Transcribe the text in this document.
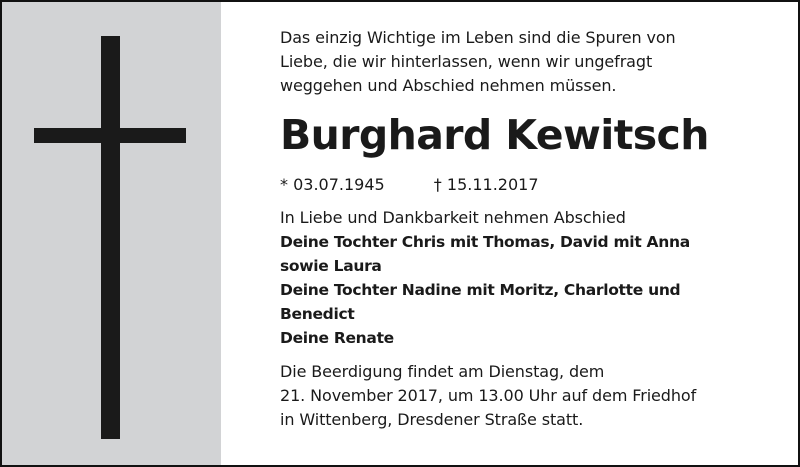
Das einzig Wichtige im Leben sind die Spuren von
Liebe, die wir hinterlassen, wenn wir ungefragt
weggehen und Abschied nehmen müssen.

Burghard Kewitsch

* 03.07.1945	† 15.11.2017

In Liebe und Dankbarkeit nehmen Abschied
Deine Tochter Chris mit Thomas, David mit Anna
sowie Laura
Deine Tochter Nadine mit Moritz, Charlotte und
Benedict
Deine Renate

Die Beerdigung findet am Dienstag, dem
21. November 2017, um 13.00 Uhr auf dem Friedhof
in Wittenberg, Dresdener Straße statt.
